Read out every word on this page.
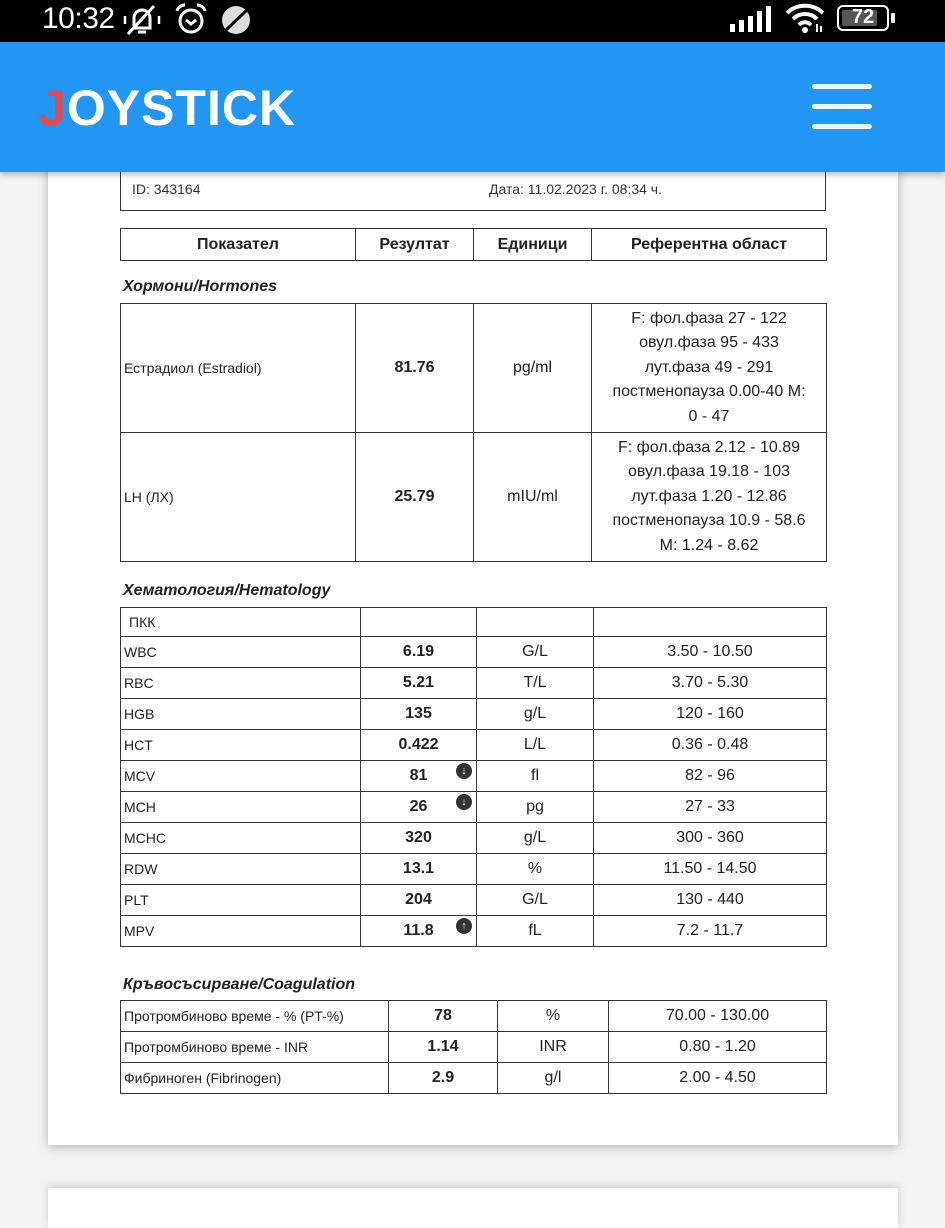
10:32	72
JOYSTICK
ID: 343164	Дата: 11.02.2023 г. 08:34 ч.
Показател	Резултат	Единици	Референтна област
Хормони/Hormones
Естрадиол (Estradiol)	81.76	pg/ml	F: фол.фаза 27 - 122
овул.фаза 95 - 433
лут.фаза 49 - 291
постменопауза 0.00-40 M:
0 - 47

LH (ЛХ)	25.79	mIU/ml	F: фол.фаза 2.12 - 10.89
овул.фаза 19.18 - 103
лут.фаза 1.20 - 12.86
постменопауза 10.9 - 58.6
M: 1.24 - 8.62
Хематология/Hematology
ПКК			
WBC	6.19	G/L	3.50 - 10.50
RBC	5.21	T/L	3.70 - 5.30
HGB	135	g/L	120 - 160
HCT	0.422	L/L	0.36 - 0.48
MCV	81 ↓	fl	82 - 96
MCH	26 ↓	pg	27 - 33
MCHC	320	g/L	300 - 360
RDW	13.1	%	11.50 - 14.50
PLT	204	G/L	130 - 440
MPV	11.8 ↑	fL	7.2 - 11.7
Кръвосъсирване/Coagulation
Протромбиново време - % (PT-%)	78	%	70.00 - 130.00
Протромбиново време - INR	1.14	INR	0.80 - 1.20
Фибриноген (Fibrinogen)	2.9	g/l	2.00 - 4.50
